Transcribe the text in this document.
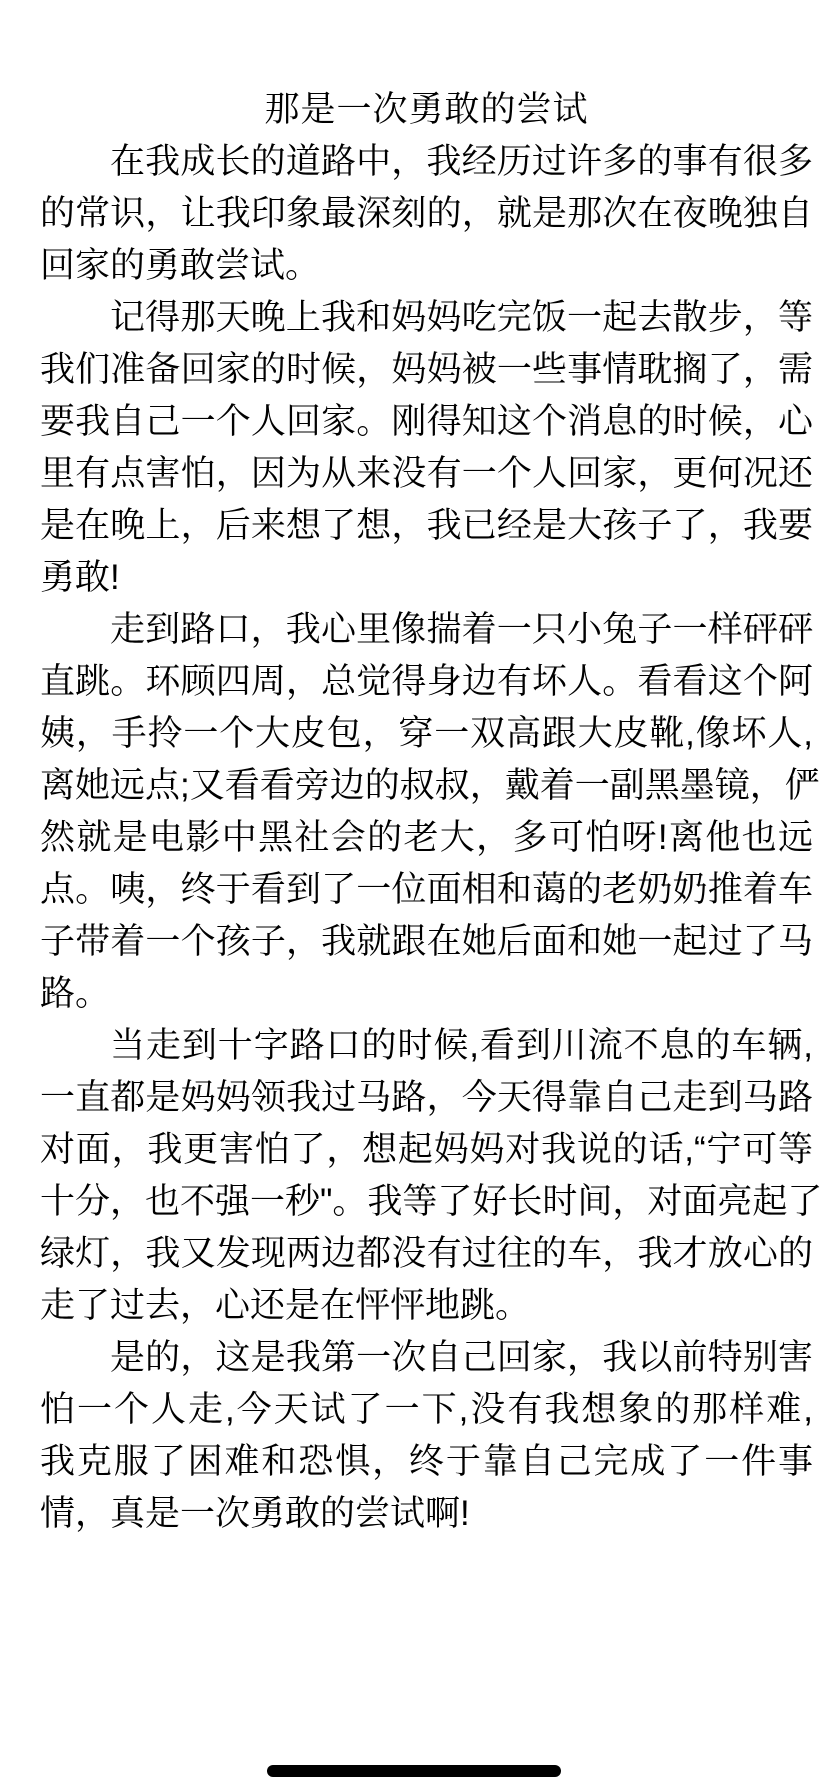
那是一次勇敢的尝试
在我成长的道路中，我经历过许多的事有很多
的常识，让我印象最深刻的，就是那次在夜晚独自
回家的勇敢尝试。
记得那天晚上我和妈妈吃完饭一起去散步，等
我们准备回家的时候，妈妈被一些事情耽搁了，需
要我自己一个人回家。刚得知这个消息的时候，心
里有点害怕，因为从来没有一个人回家，更何况还
是在晚上，后来想了想，我已经是大孩子了，我要
勇敢!
走到路口，我心里像揣着一只小兔子一样砰砰
直跳。环顾四周，总觉得身边有坏人。看看这个阿
姨，手拎一个大皮包，穿一双高跟大皮靴,像坏人,
离她远点;又看看旁边的叔叔，戴着一副黑墨镜，俨
然就是电影中黑社会的老大，多可怕呀!离他也远
点。咦，终于看到了一位面相和蔼的老奶奶推着车
子带着一个孩子，我就跟在她后面和她一起过了马
路。
当走到十字路口的时候,看到川流不息的车辆,
一直都是妈妈领我过马路，今天得靠自己走到马路
对面，我更害怕了，想起妈妈对我说的话,“宁可等
十分，也不强一秒"。我等了好长时间，对面亮起了
绿灯，我又发现两边都没有过往的车，我才放心的
走了过去，心还是在怦怦地跳。
是的，这是我第一次自己回家，我以前特别害
怕一个人走,今天试了一下,没有我想象的那样难,
我克服了困难和恐惧，终于靠自己完成了一件事
情，真是一次勇敢的尝试啊!
